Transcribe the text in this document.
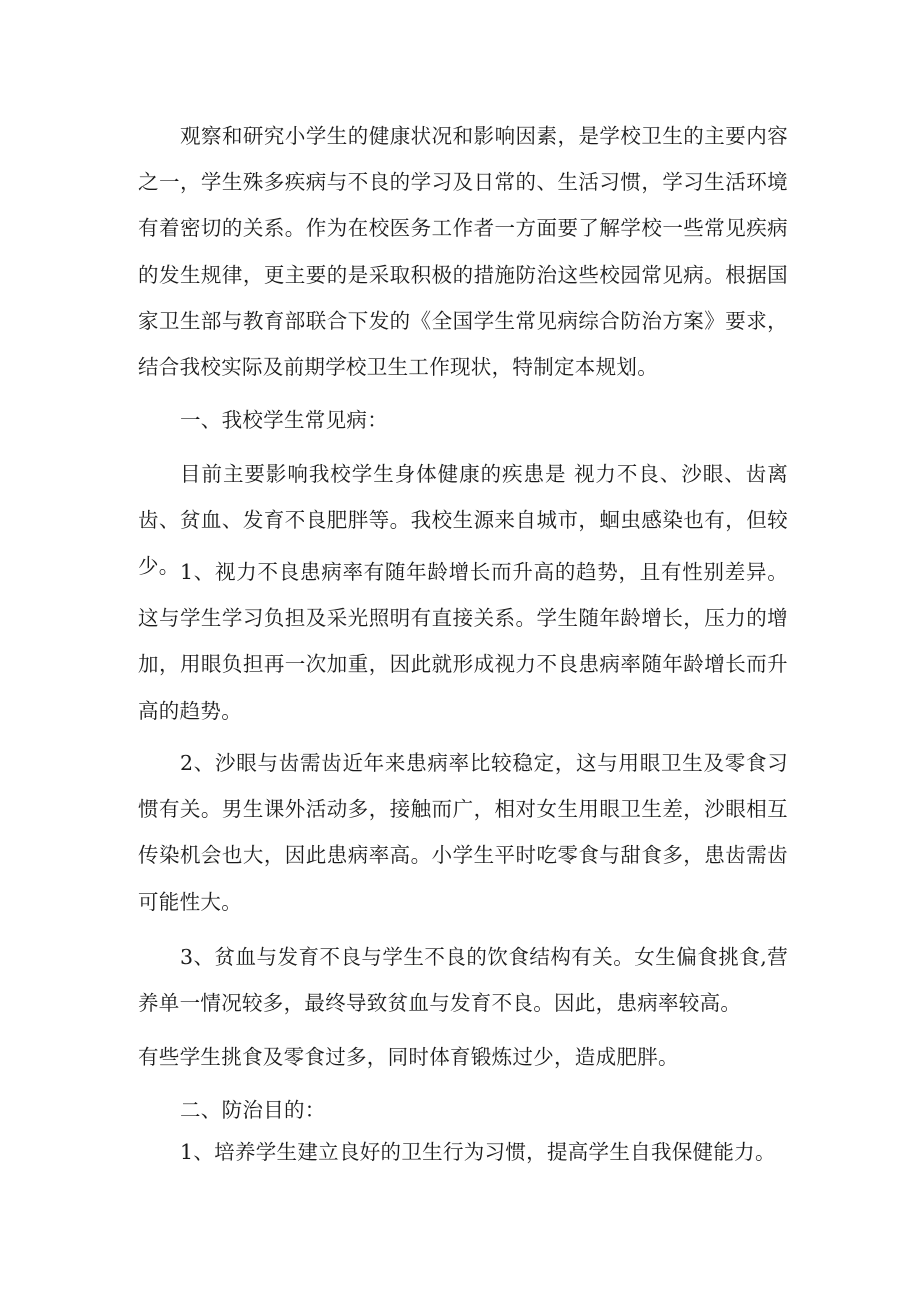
观察和研究小学生的健康状况和影响因素，是学校卫生的主要内容之一，学生殊多疾病与不良的学习及日常的、生活习惯，学习生活环境有着密切的关系。作为在校医务工作者一方面要了解学校一些常见疾病的发生规律，更主要的是采取积极的措施防治这些校园常见病。根据国家卫生部与教育部联合下发的《全国学生常见病综合防治方案》要求，结合我校实际及前期学校卫生工作现状，特制定本规划。

一、我校学生常见病：

目前主要影响我校学生身体健康的疾患是 视力不良、沙眼、齿离齿、贫血、发育不良肥胖等。我校生源来自城市，蛔虫感染也有，但较少。 1、视力不良患病率有随年龄增长而升高的趋势，且有性别差异。这与学生学习负担及采光照明有直接关系。学生随年龄增长，压力的增加，用眼负担再一次加重，因此就形成视力不良患病率随年龄增长而升高的趋势。

2、沙眼与齿需齿近年来患病率比较稳定，这与用眼卫生及零食习惯有关。男生课外活动多，接触而广，相对女生用眼卫生差，沙眼相互传染机会也大，因此患病率高。小学生平时吃零食与甜食多，患齿需齿可能性大。

3、贫血与发育不良与学生不良的饮食结构有关。女生偏食挑食,营养单一情况较多，最终导致贫血与发育不良。因此，患病率较高。

有些学生挑食及零食过多，同时体育锻炼过少，造成肥胖。

二、防治目的：

1、培养学生建立良好的卫生行为习惯，提高学生自我保健能力。
